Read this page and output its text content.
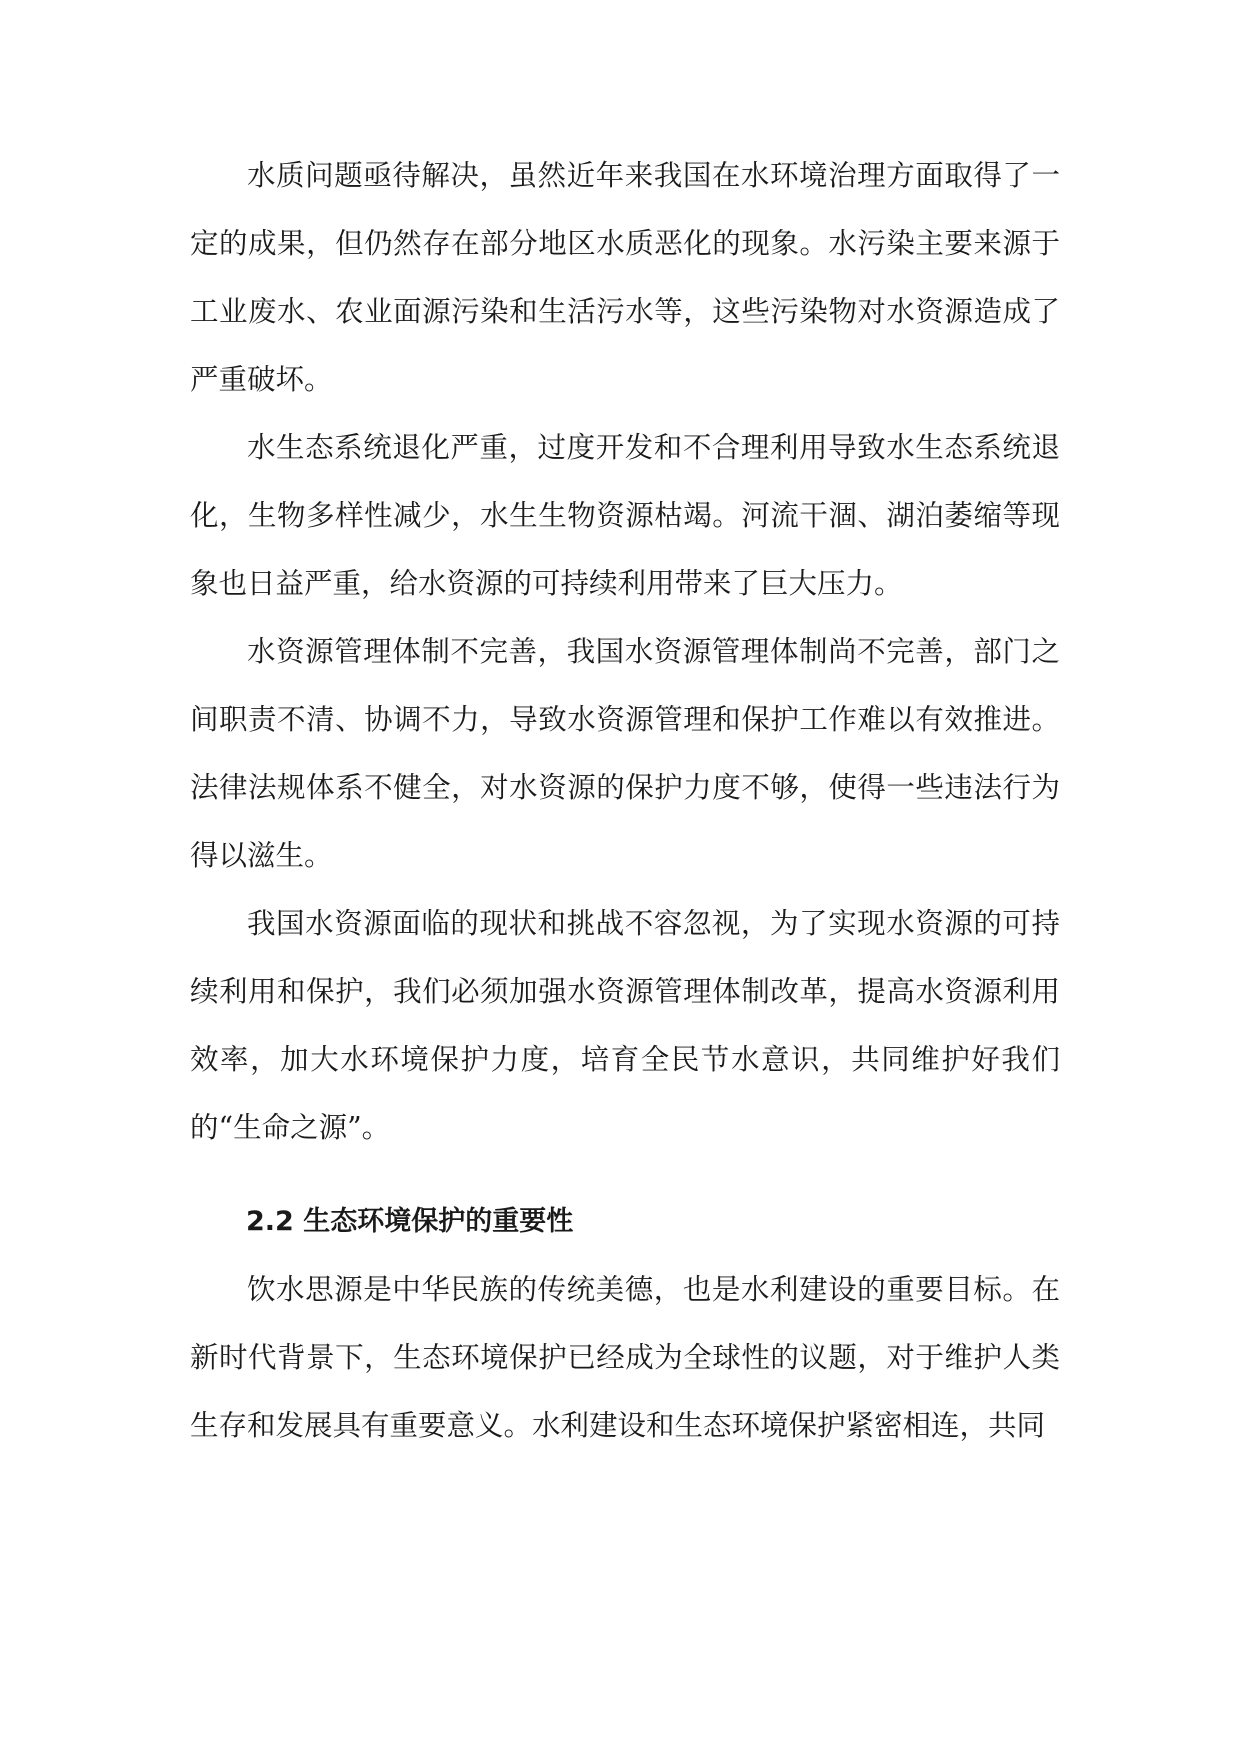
水质问题亟待解决，虽然近年来我国在水环境治理方面取得了一定的成果，但仍然存在部分地区水质恶化的现象。水污染主要来源于工业废水、农业面源污染和生活污水等，这些污染物对水资源造成了严重破坏。

水生态系统退化严重，过度开发和不合理利用导致水生态系统退化，生物多样性减少，水生生物资源枯竭。河流干涸、湖泊萎缩等现象也日益严重，给水资源的可持续利用带来了巨大压力。

水资源管理体制不完善，我国水资源管理体制尚不完善，部门之间职责不清、协调不力，导致水资源管理和保护工作难以有效推进。法律法规体系不健全，对水资源的保护力度不够，使得一些违法行为得以滋生。

我国水资源面临的现状和挑战不容忽视，为了实现水资源的可持续利用和保护，我们必须加强水资源管理体制改革，提高水资源利用效率，加大水环境保护力度，培育全民节水意识，共同维护好我们的“生命之源”。

2.2 生态环境保护的重要性

饮水思源是中华民族的传统美德，也是水利建设的重要目标。在新时代背景下，生态环境保护已经成为全球性的议题，对于维护人类生存和发展具有重要意义。水利建设和生态环境保护紧密相连，共同
